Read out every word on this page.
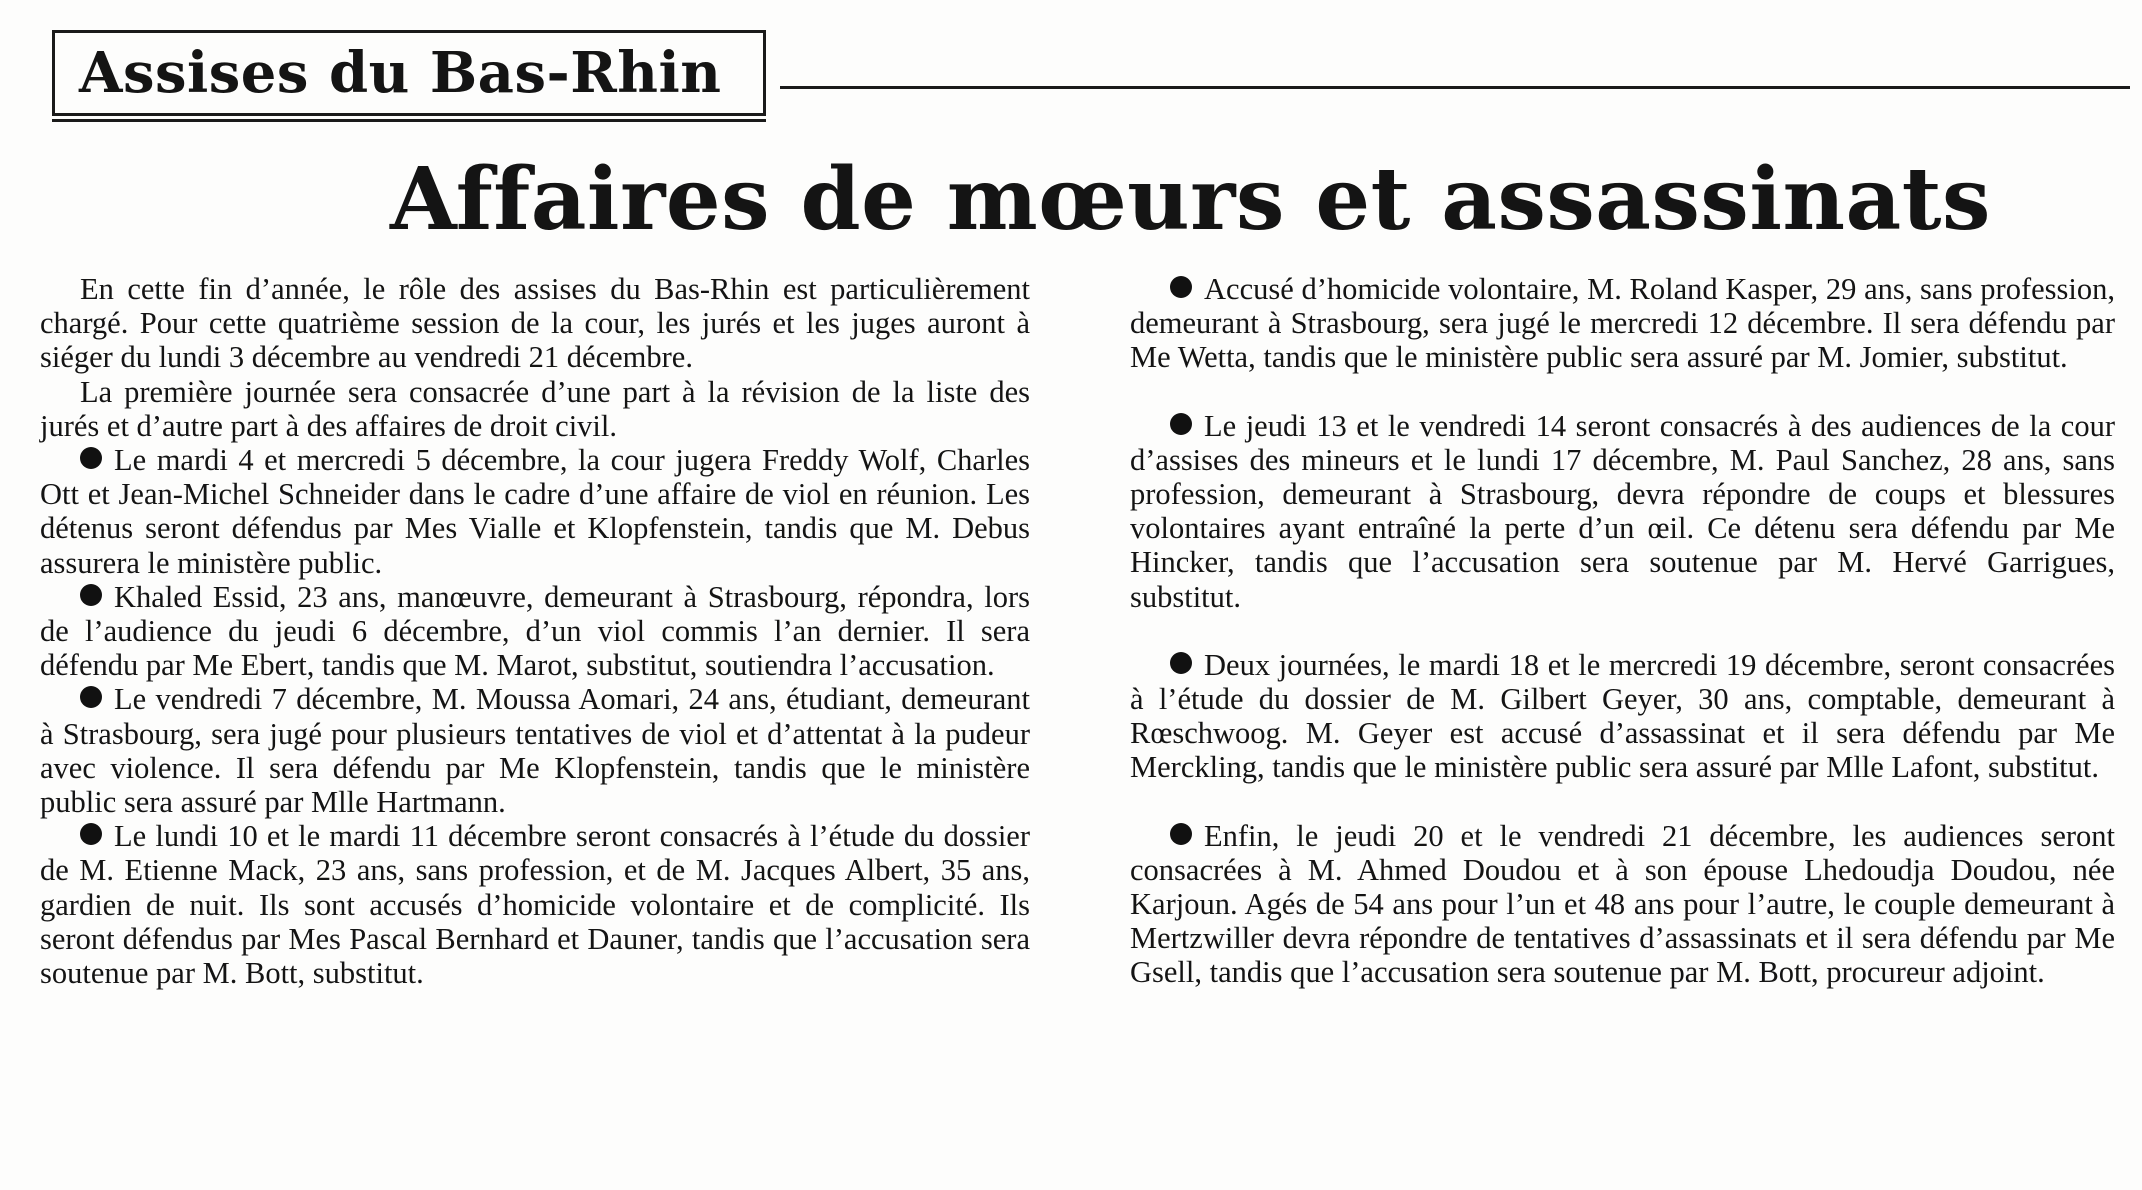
Assises du Bas-Rhin
Affaires de mœurs et assassinats

En cette fin d’année, le rôle des assises du Bas-Rhin est particulièrement chargé. Pour cette quatrième session de la cour, les jurés et les juges auront à siéger du lundi 3 décembre au vendredi 21 décembre.

La première journée sera consacrée d’une part à la révision de la liste des jurés et d’autre part à des affaires de droit civil.

Le mardi 4 et mercredi 5 décembre, la cour jugera Freddy Wolf, Charles Ott et Jean-Michel Schneider dans le cadre d’une affaire de viol en réunion. Les détenus seront défendus par Mes Vialle et Klopfenstein, tandis que M. Debus assurera le ministère public.

Khaled Essid, 23 ans, manœuvre, demeurant à Strasbourg, répondra, lors de l’audience du jeudi 6 décembre, d’un viol commis l’an dernier. Il sera défendu par Me Ebert, tandis que M. Marot, substitut, soutiendra l’accusation.

Le vendredi 7 décembre, M. Moussa Aomari, 24 ans, étudiant, demeurant à Strasbourg, sera jugé pour plusieurs tentatives de viol et d’attentat à la pudeur avec violence. Il sera défendu par Me Klopfenstein, tandis que le ministère public sera assuré par Mlle Hartmann.

Le lundi 10 et le mardi 11 décembre seront consacrés à l’étude du dossier de M. Etienne Mack, 23 ans, sans profession, et de M. Jacques Albert, 35 ans, gardien de nuit. Ils sont accusés d’homicide volontaire et de complicité. Ils seront défendus par Mes Pascal Bernhard et Dauner, tandis que l’accusation sera soutenue par M. Bott, substitut.

Accusé d’homicide volontaire, M. Roland Kasper, 29 ans, sans profession, demeurant à Strasbourg, sera jugé le mercredi 12 décembre. Il sera défendu par Me Wetta, tandis que le ministère public sera assuré par M. Jomier, substitut.

Le jeudi 13 et le vendredi 14 seront consacrés à des audiences de la cour d’assises des mineurs et le lundi 17 décembre, M. Paul Sanchez, 28 ans, sans profession, demeurant à Strasbourg, devra répondre de coups et blessures volontaires ayant entraîné la perte d’un œil. Ce détenu sera défendu par Me Hincker, tandis que l’accusation sera soutenue par M. Hervé Garrigues, substitut.

Deux journées, le mardi 18 et le mercredi 19 décembre, seront consacrées à l’étude du dossier de M. Gilbert Geyer, 30 ans, comptable, demeurant à Rœschwoog. M. Geyer est accusé d’assassinat et il sera défendu par Me Merckling, tandis que le ministère public sera assuré par Mlle Lafont, substitut.

Enfin, le jeudi 20 et le vendredi 21 décembre, les audiences seront consacrées à M. Ahmed Doudou et à son épouse Lhedoudja Doudou, née Karjoun. Agés de 54 ans pour l’un et 48 ans pour l’autre, le couple demeurant à Mertzwiller devra répondre de tentatives d’assassinats et il sera défendu par Me Gsell, tandis que l’accusation sera soutenue par M. Bott, procureur adjoint.
